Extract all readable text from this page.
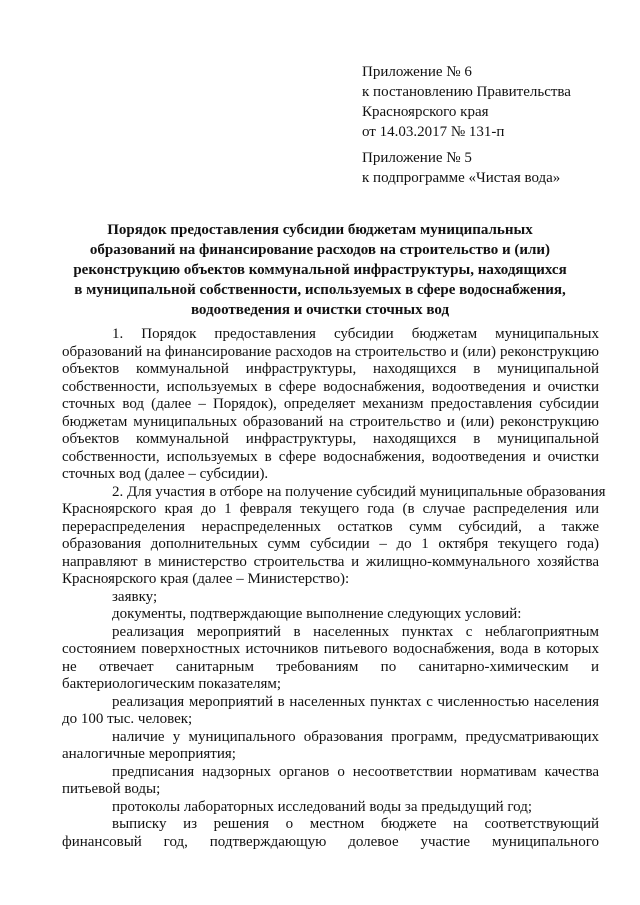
Приложение № 6
к постановлению Правительства
Красноярского края
от 14.03.2017 № 131-п
Приложение № 5
к подпрограмме «Чистая вода»
Порядок предоставления субсидии бюджетам муниципальных
образований на финансирование расходов на строительство и (или)
реконструкцию объектов коммунальной инфраструктуры, находящихся
в муниципальной собственности, используемых в сфере водоснабжения,
водоотведения и очистки сточных вод
1. Порядок предоставления субсидии бюджетам муниципальных
образований на финансирование расходов на строительство и (или) реконструкцию
объектов коммунальной инфраструктуры, находящихся в муниципальной
собственности, используемых в сфере водоснабжения, водоотведения и очистки
сточных вод (далее – Порядок), определяет механизм предоставления субсидии
бюджетам муниципальных образований на строительство и (или) реконструкцию
объектов коммунальной инфраструктуры, находящихся в муниципальной
собственности, используемых в сфере водоснабжения, водоотведения и очистки
сточных вод (далее – субсидии).
2. Для участия в отборе на получение субсидий муниципальные образования
Красноярского края до 1 февраля текущего года (в случае распределения или
перераспределения нераспределенных остатков сумм субсидий, а также
образования дополнительных сумм субсидии – до 1 октября текущего года)
направляют в министерство строительства и жилищно-коммунального хозяйства
Красноярского края (далее – Министерство):
заявку;
документы, подтверждающие выполнение следующих условий:
реализация мероприятий в населенных пунктах с неблагоприятным
состоянием поверхностных источников питьевого водоснабжения, вода в которых
не отвечает санитарным требованиям по санитарно-химическим и
бактериологическим показателям;
реализация мероприятий в населенных пунктах с численностью населения
до 100 тыс. человек;
наличие у муниципального образования программ, предусматривающих
аналогичные мероприятия;
предписания надзорных органов о несоответствии нормативам качества
питьевой воды;
протоколы лабораторных исследований воды за предыдущий год;
выписку из решения о местном бюджете на соответствующий
финансовый год, подтверждающую долевое участие муниципального
